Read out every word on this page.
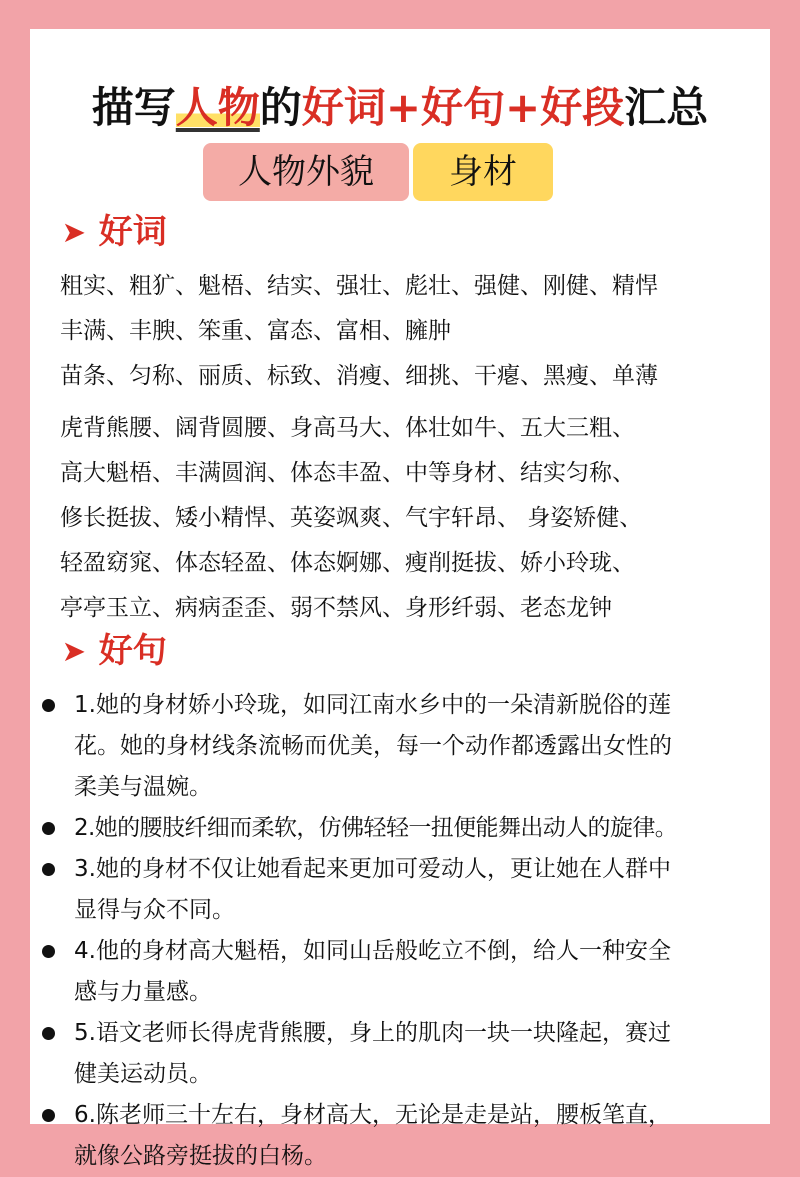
描写人物的好词+好句+好段汇总
人物外貌	身材
➤ 好词
粗实、粗犷、魁梧、结实、强壮、彪壮、强健、刚健、精悍
丰满、丰腴、笨重、富态、富相、臃肿
苗条、匀称、丽质、标致、消瘦、细挑、干瘪、黑瘦、单薄
虎背熊腰、阔背圆腰、身高马大、体壮如牛、五大三粗、
高大魁梧、丰满圆润、体态丰盈、中等身材、结实匀称、
修长挺拔、矮小精悍、英姿飒爽、气宇轩昂、 身姿矫健、
轻盈窈窕、体态轻盈、体态婀娜、瘦削挺拔、娇小玲珑、
亭亭玉立、病病歪歪、弱不禁风、身形纤弱、老态龙钟
➤ 好句
1.她的身材娇小玲珑，如同江南水乡中的一朵清新脱俗的莲
花。她的身材线条流畅而优美，每一个动作都透露出女性的
柔美与温婉。
2.她的腰肢纤细而柔软，仿佛轻轻一扭便能舞出动人的旋律。
3.她的身材不仅让她看起来更加可爱动人，更让她在人群中
显得与众不同。
4.他的身材高大魁梧，如同山岳般屹立不倒，给人一种安全
感与力量感。
5.语文老师长得虎背熊腰，身上的肌肉一块一块隆起，赛过
健美运动员。
6.陈老师三十左右，身材高大，无论是走是站，腰板笔直，
就像公路旁挺拔的白杨。
